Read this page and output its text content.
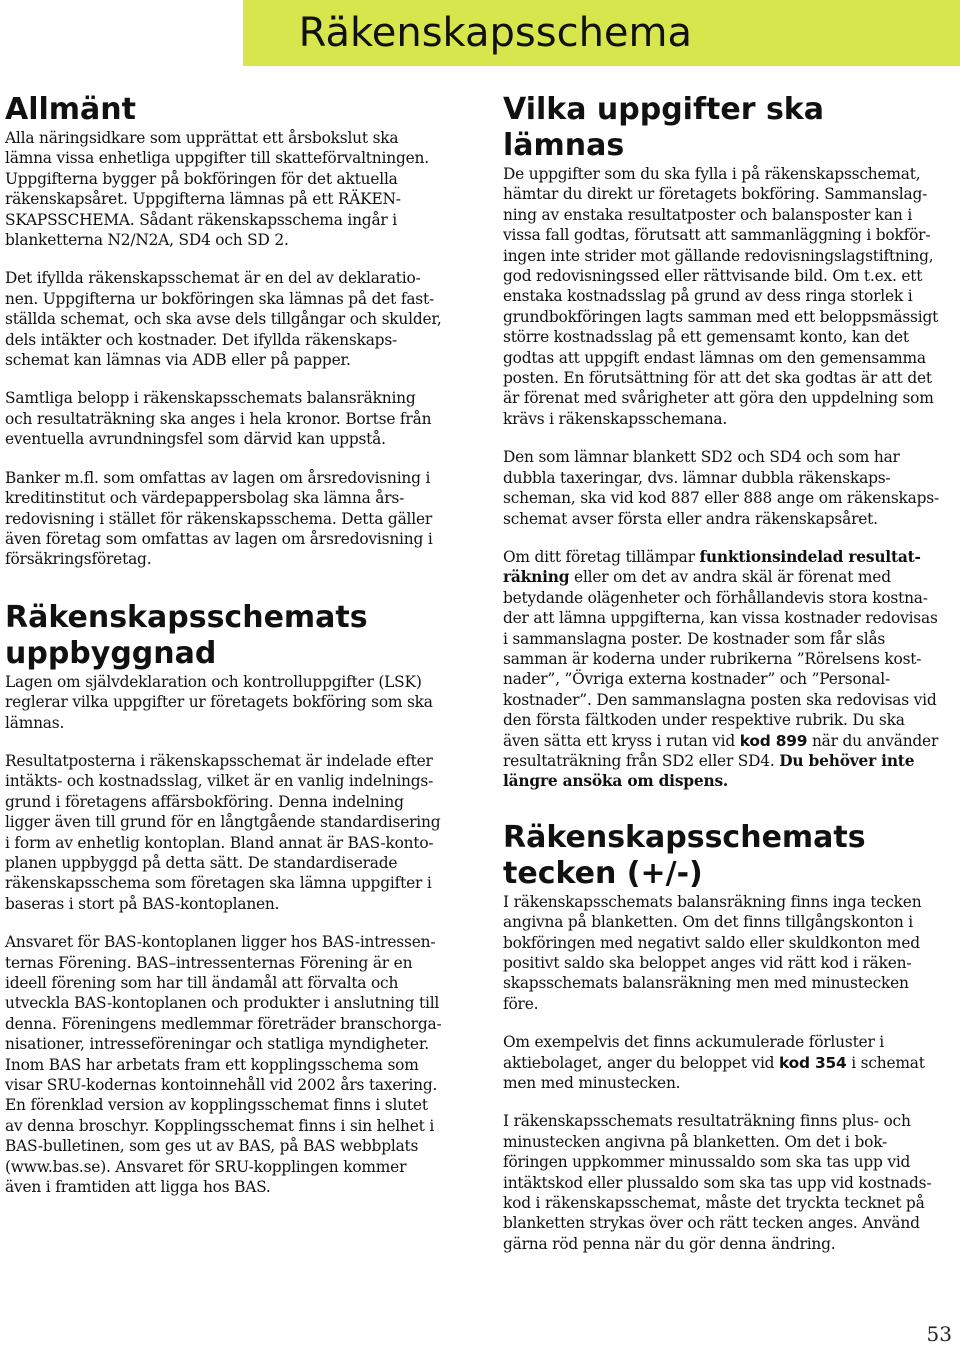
Räkenskapsschema
Allmänt

Alla näringsidkare som upprättat ett årsbokslut ska
lämna vissa enhetliga uppgifter till skatteförvaltningen.
Uppgifterna bygger på bokföringen för det aktuella
räkenskapsåret. Uppgifterna lämnas på ett RÄKEN-
SKAPSSCHEMA. Sådant räkenskapsschema ingår i
blanketterna N2/N2A, SD4 och SD 2.

Det ifyllda räkenskapsschemat är en del av deklaratio-
nen. Uppgifterna ur bokföringen ska lämnas på det fast-
ställda schemat, och ska avse dels tillgångar och skulder,
dels intäkter och kostnader. Det ifyllda räkenskaps-
schemat kan lämnas via ADB eller på papper.

Samtliga belopp i räkenskapsschemats balansräkning
och resultaträkning ska anges i hela kronor. Bortse från
eventuella avrundningsfel som därvid kan uppstå.

Banker m.fl. som omfattas av lagen om årsredovisning i
kreditinstitut och värdepappersbolag ska lämna års-
redovisning i stället för räkenskapsschema. Detta gäller
även företag som omfattas av lagen om årsredovisning i
försäkringsföretag.

Räkenskapsschemats
uppbyggnad

Lagen om självdeklaration och kontrolluppgifter (LSK)
reglerar vilka uppgifter ur företagets bokföring som ska
lämnas.

Resultatposterna i räkenskapsschemat är indelade efter
intäkts- och kostnadsslag, vilket är en vanlig indelnings-
grund i företagens affärsbokföring. Denna indelning
ligger även till grund för en långtgående standardisering
i form av enhetlig kontoplan. Bland annat är BAS-konto-
planen uppbyggd på detta sätt. De standardiserade
räkenskapsschema som företagen ska lämna uppgifter i
baseras i stort på BAS-kontoplanen.

Ansvaret för BAS-kontoplanen ligger hos BAS-intressen-
ternas Förening. BAS–intressenternas Förening är en
ideell förening som har till ändamål att förvalta och
utveckla BAS-kontoplanen och produkter i anslutning till
denna. Föreningens medlemmar företräder branschorga-
nisationer, intresseföreningar och statliga myndigheter.
Inom BAS har arbetats fram ett kopplingsschema som
visar SRU-kodernas kontoinnehåll vid 2002 års taxering.
En förenklad version av kopplingsschemat finns i slutet
av denna broschyr. Kopplingsschemat finns i sin helhet i
BAS-bulletinen, som ges ut av BAS, på BAS webbplats
(www.bas.se). Ansvaret för SRU-kopplingen kommer
även i framtiden att ligga hos BAS.

Vilka uppgifter ska lämnas

De uppgifter som du ska fylla i på räkenskapsschemat,
hämtar du direkt ur företagets bokföring. Sammanslag-
ning av enstaka resultatposter och balansposter kan i
vissa fall godtas, förutsatt att sammanläggning i bokför-
ingen inte strider mot gällande redovisningslagstiftning,
god redovisningssed eller rättvisande bild. Om t.ex. ett
enstaka kostnadsslag på grund av dess ringa storlek i
grundbokföringen lagts samman med ett beloppsmässigt
större kostnadsslag på ett gemensamt konto, kan det
godtas att uppgift endast lämnas om den gemensamma
posten. En förutsättning för att det ska godtas är att det
är förenat med svårigheter att göra den uppdelning som
krävs i räkenskapsschemana.

Den som lämnar blankett SD2 och SD4 och som har
dubbla taxeringar, dvs. lämnar dubbla räkenskaps-
scheman, ska vid kod 887 eller 888 ange om räkenskaps-
schemat avser första eller andra räkenskapsåret.

Om ditt företag tillämpar funktionsindelad resultat-
räkning eller om det av andra skäl är förenat med
betydande olägenheter och förhållandevis stora kostna-
der att lämna uppgifterna, kan vissa kostnader redovisas
i sammanslagna poster. De kostnader som får slås
samman är koderna under rubrikerna ”Rörelsens kost-
nader”, ”Övriga externa kostnader” och ”Personal-
kostnader”. Den sammanslagna posten ska redovisas vid
den första fältkoden under respektive rubrik. Du ska
även sätta ett kryss i rutan vid kod 899 när du använder
resultaträkning från SD2 eller SD4. Du behöver inte
längre ansöka om dispens.

Räkenskapsschemats
tecken (+/-)

I räkenskapsschemats balansräkning finns inga tecken
angivna på blanketten. Om det finns tillgångskonton i
bokföringen med negativt saldo eller skuldkonton med
positivt saldo ska beloppet anges vid rätt kod i räken-
skapsschemats balansräkning men med minustecken
före.

Om exempelvis det finns ackumulerade förluster i
aktiebolaget, anger du beloppet vid kod 354 i schemat
men med minustecken.

I räkenskapsschemats resultaträkning finns plus- och
minustecken angivna på blanketten. Om det i bok-
föringen uppkommer minussaldo som ska tas upp vid
intäktskod eller plussaldo som ska tas upp vid kostnads-
kod i räkenskapsschemat, måste det tryckta tecknet på
blanketten strykas över och rätt tecken anges. Använd
gärna röd penna när du gör denna ändring.

53
